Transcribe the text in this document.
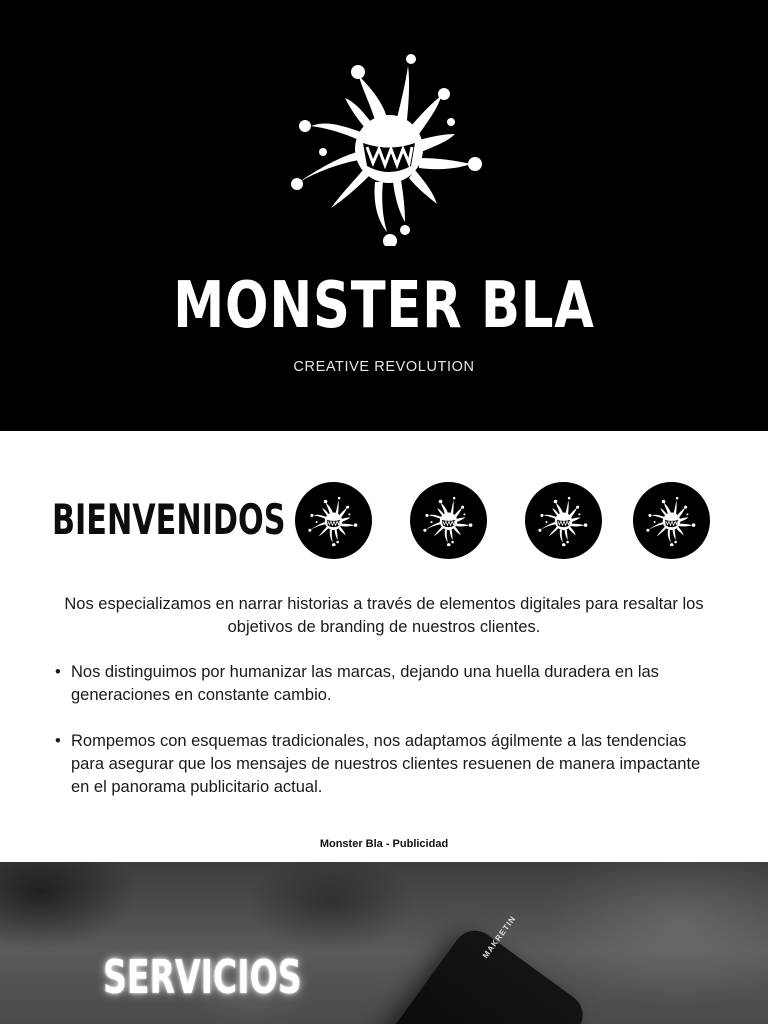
MONSTER BLA
CREATIVE REVOLUTION
BIENVENIDOS

Nos especializamos en narrar historias a través de elementos digitales para resaltar los objetivos de branding de nuestros clientes.

• Nos distinguimos por humanizar las marcas, dejando una huella duradera en las generaciones en constante cambio.
• Rompemos con esquemas tradicionales, nos adaptamos ágilmente a las tendencias para asegurar que los mensajes de nuestros clientes resuenen de manera impactante en el panorama publicitario actual.
Monster Bla - Publicidad
MAKRETIN
SERVICIOS
